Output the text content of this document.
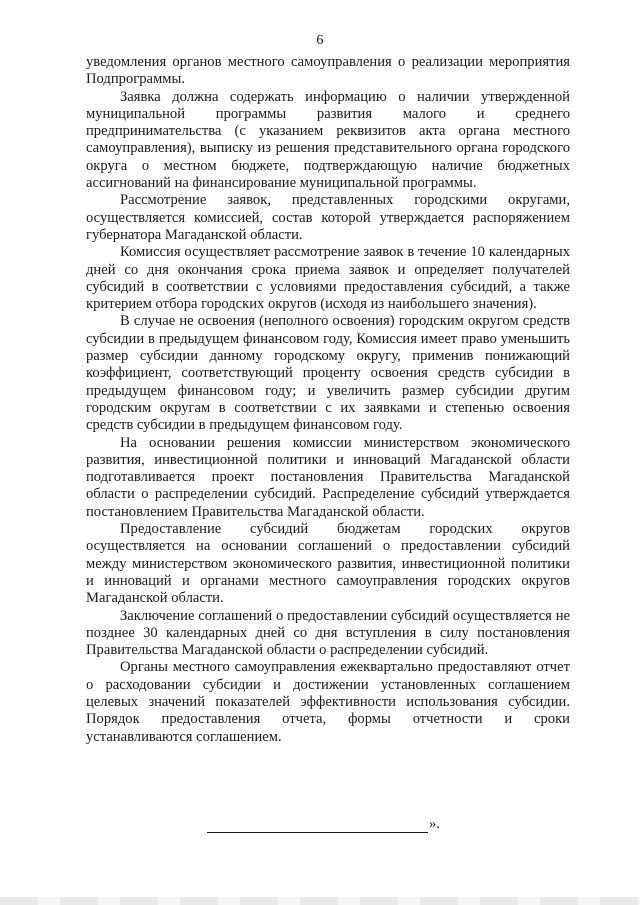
6

уведомления органов местного самоуправления о реализации мероприятия Подпрограммы.

Заявка должна содержать информацию о наличии утвержденной муниципальной программы развития малого и среднего предпринимательства (с указанием реквизитов акта органа местного самоуправления), выписку из решения представительного органа городского округа о местном бюджете, подтверждающую наличие бюджетных ассигнований на финансирование муниципальной программы.

Рассмотрение заявок, представленных городскими округами, осуществляется комиссией, состав которой утверждается распоряжением губернатора Магаданской области.

Комиссия осуществляет рассмотрение заявок в течение 10 календарных дней со дня окончания срока приема заявок и определяет получателей субсидий в соответствии с условиями предоставления субсидий, а также критерием отбора городских округов (исходя из наибольшего значения).

В случае не освоения (неполного освоения) городским округом средств субсидии в предыдущем финансовом году, Комиссия имеет право уменьшить размер субсидии данному городскому округу, применив понижающий коэффициент, соответствующий проценту освоения средств субсидии в предыдущем финансовом году; и увеличить размер субсидии другим городским округам в соответствии с их заявками и степенью освоения средств субсидии в предыдущем финансовом году.

На основании решения комиссии министерством экономического развития, инвестиционной политики и инноваций Магаданской области подготавливается проект постановления Правительства Магаданской области о распределении субсидий. Распределение субсидий утверждается постановлением Правительства Магаданской области.

Предоставление субсидий бюджетам городских округов осуществляется на основании соглашений о предоставлении субсидий между министерством экономического развития, инвестиционной политики и инноваций и органами местного самоуправления городских округов Магаданской области.

Заключение соглашений о предоставлении субсидий осуществляется не позднее 30 календарных дней со дня вступления в силу постановления Правительства Магаданской области о распределении субсидий.

Органы местного самоуправления ежеквартально предоставляют отчет о расходовании субсидии и достижении установленных соглашением целевых значений показателей эффективности использования субсидии. Порядок предоставления отчета, формы отчетности и сроки устанавливаются соглашением.

».
